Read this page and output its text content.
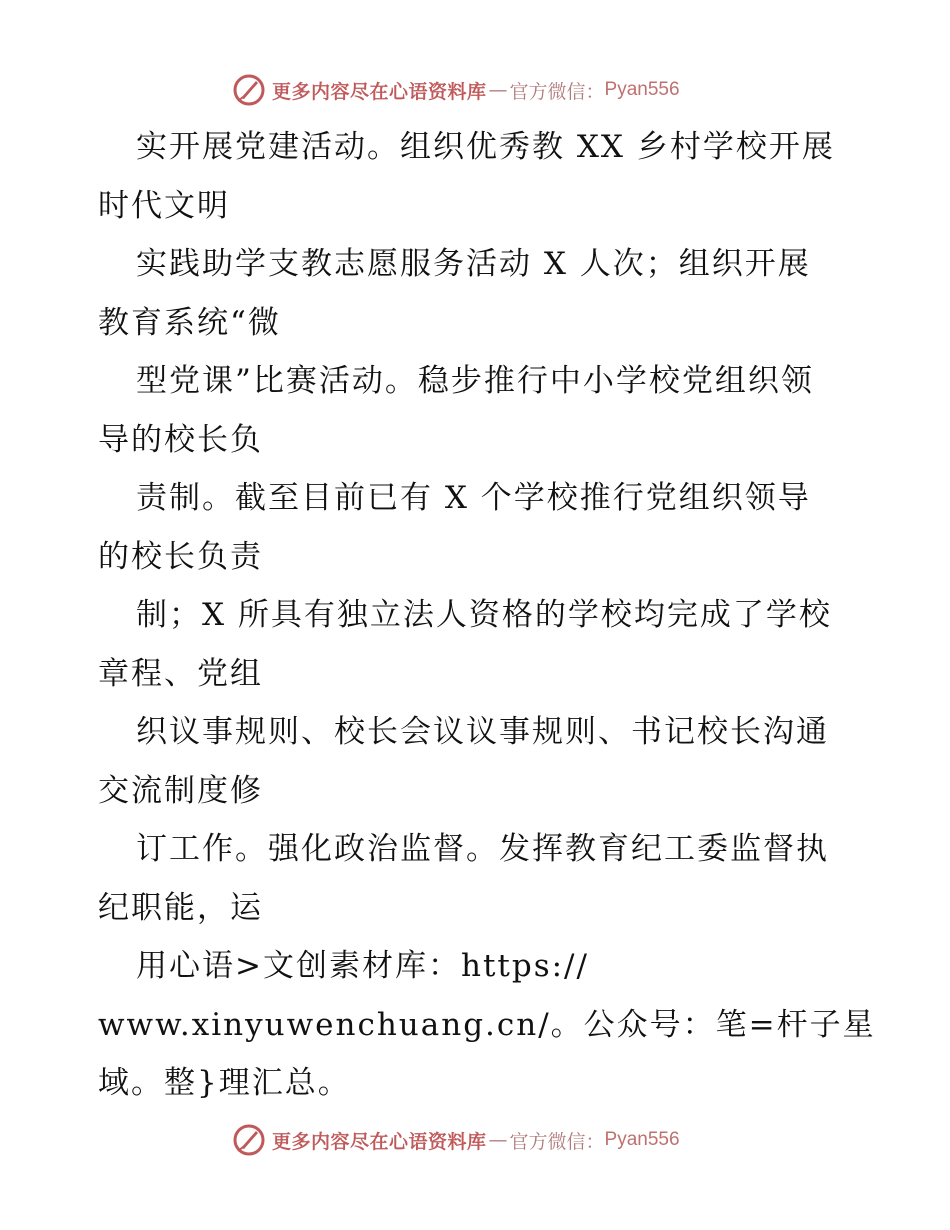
更多内容尽在心语资料库 — 官方微信： Pyan556
实开展党建活动。组织优秀教 XX 乡村学校开展
时代文明
实践助学支教志愿服务活动 X 人次；组织开展
教育系统“微
型党课”比赛活动。稳步推行中小学校党组织领
导的校长负
责制。截至目前已有 X 个学校推行党组织领导
的校长负责
制；X 所具有独立法人资格的学校均完成了学校
章程、党组
织议事规则、校长会议议事规则、书记校长沟通
交流制度修
订工作。强化政治监督。发挥教育纪工委监督执
纪职能，运
用心语>文创素材库：https://
www.xinyuwenchuang.cn/。公众号：笔=杆子星
域。整}理汇总。
更多内容尽在心语资料库 — 官方微信： Pyan556
